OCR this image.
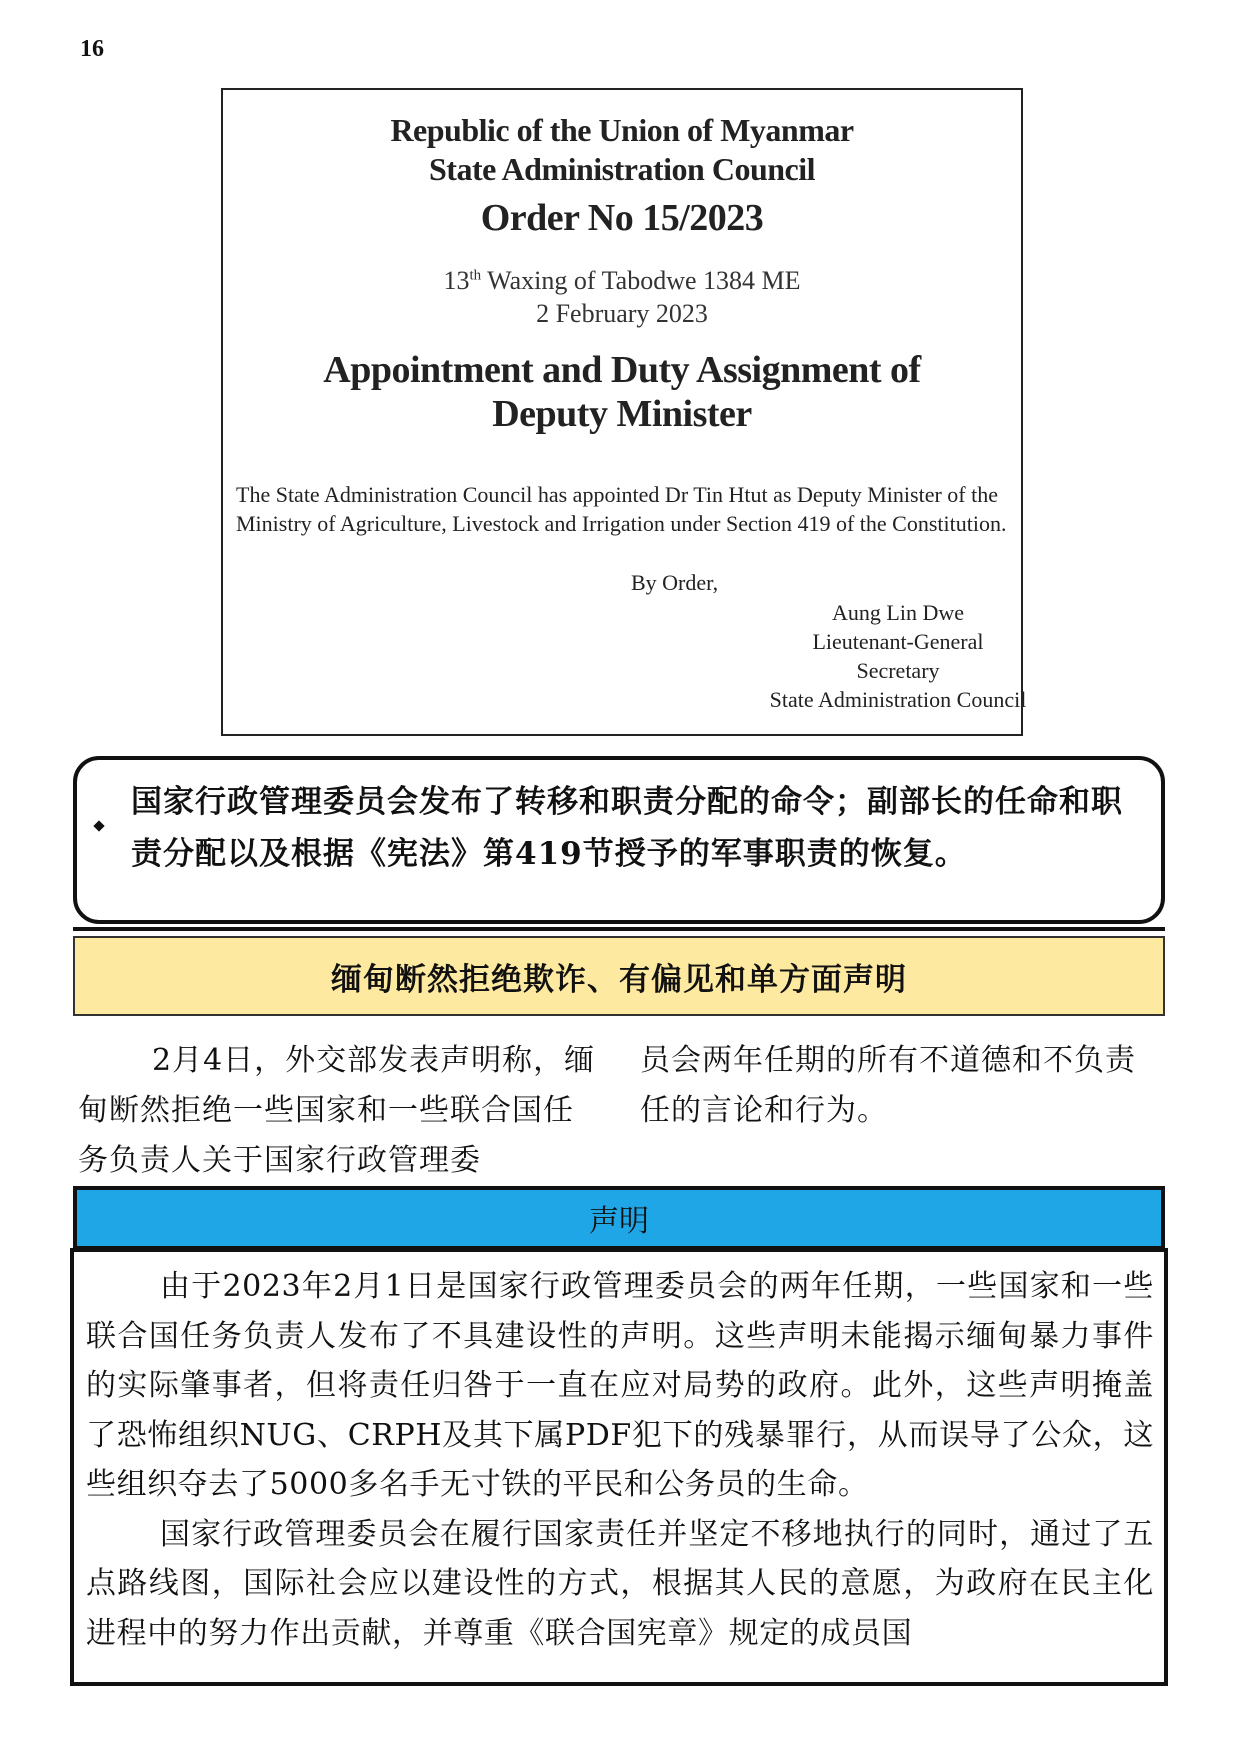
16
Republic of the Union of Myanmar
State Administration Council
Order No 15/2023
13th Waxing of Tabodwe 1384 ME
2 February 2023
Appointment and Duty Assignment of
Deputy Minister
The State Administration Council has appointed Dr Tin Htut as Deputy Minister of the Ministry of Agriculture, Livestock and Irrigation under Section 419 of the Constitution.
By Order,
Aung Lin Dwe
Lieutenant-General
Secretary
State Administration Council
国家行政管理委员会发布了转移和职责分配的命令；副部长的任命和职责分配以及根据《宪法》第419节授予的军事职责的恢复。
缅甸断然拒绝欺诈、有偏见和单方面声明
2月4日，外交部发表声明称，缅甸断然拒绝一些国家和一些联合国任务负责人关于国家行政管理委
员会两年任期的所有不道德和不负责任的言论和行为。
声明

由于2023年2月1日是国家行政管理委员会的两年任期，一些国家和一些联合国任务负责人发布了不具建设性的声明。这些声明未能揭示缅甸暴力事件的实际肇事者，但将责任归咎于一直在应对局势的政府。此外，这些声明掩盖了恐怖组织NUG、CRPH及其下属PDF犯下的残暴罪行，从而误导了公众，这些组织夺去了5000多名手无寸铁的平民和公务员的生命。

国家行政管理委员会在履行国家责任并坚定不移地执行的同时，通过了五点路线图，国际社会应以建设性的方式，根据其人民的意愿，为政府在民主化进程中的努力作出贡献，并尊重《联合国宪章》规定的成员国
